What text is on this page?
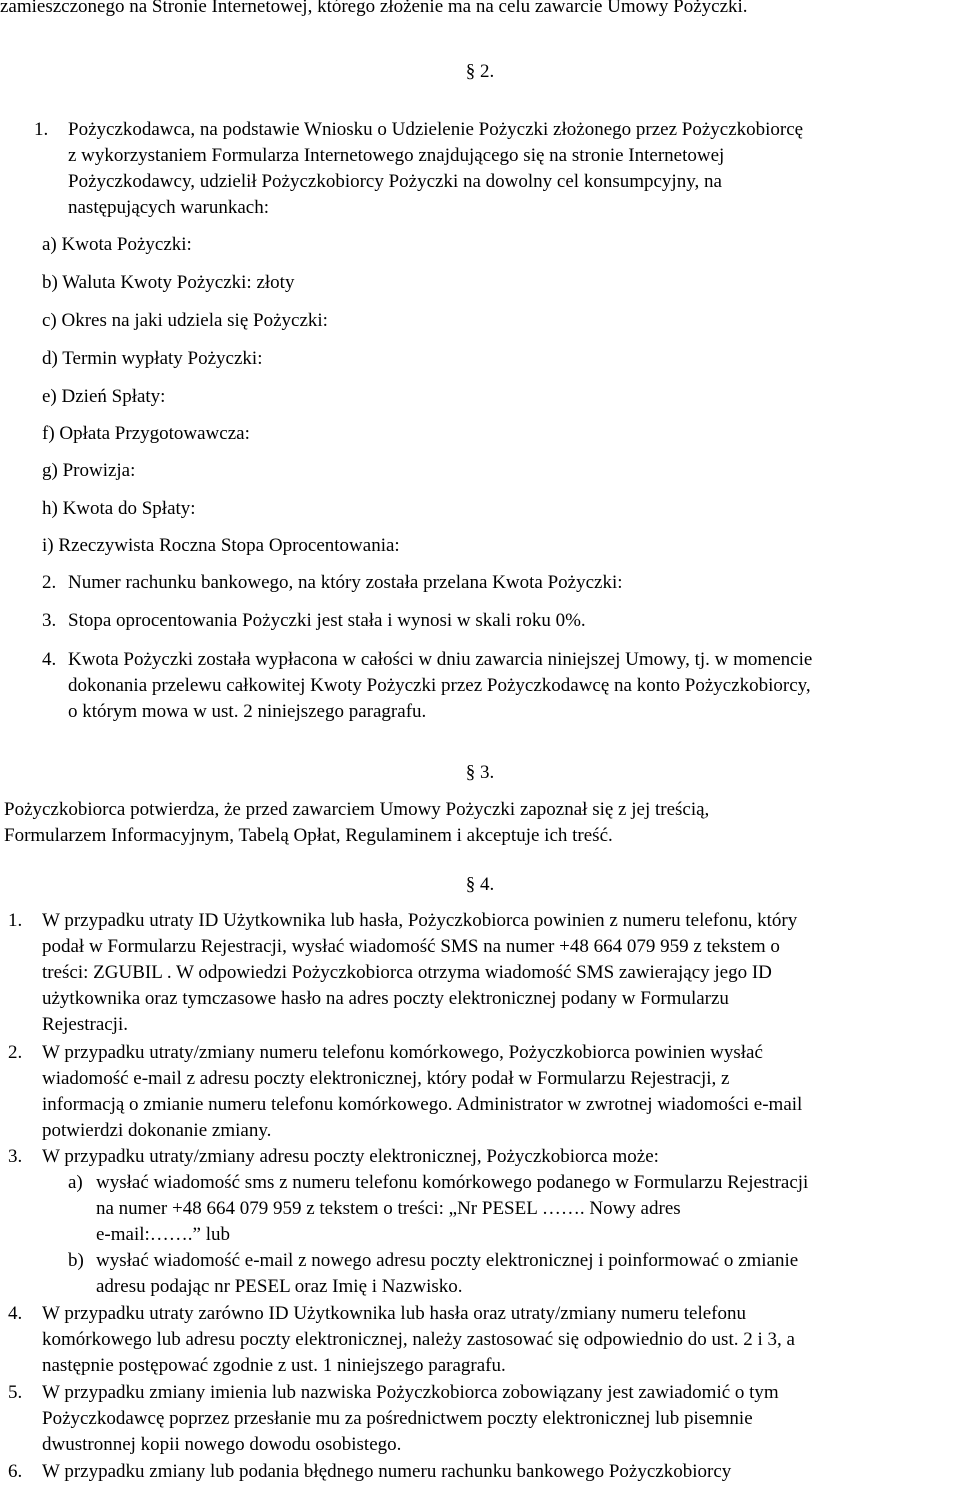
zamieszczonego na Stronie Internetowej, którego złożenie ma na celu zawarcie Umowy Pożyczki.
§ 2.
1. Pożyczkodawca, na podstawie Wniosku o Udzielenie Pożyczki złożonego przez Pożyczkobiorcę
z wykorzystaniem Formularza Internetowego znajdującego się na stronie Internetowej
Pożyczkodawcy, udzielił Pożyczkobiorcy Pożyczki na dowolny cel konsumpcyjny, na
następujących warunkach:
a) Kwota Pożyczki:
b) Waluta Kwoty Pożyczki: złoty
c) Okres na jaki udziela się Pożyczki:
d) Termin wypłaty Pożyczki:
e) Dzień Spłaty:
f) Opłata Przygotowawcza:
g) Prowizja:
h) Kwota do Spłaty:
i) Rzeczywista Roczna Stopa Oprocentowania:
2. Numer rachunku bankowego, na który została przelana Kwota Pożyczki:
3. Stopa oprocentowania Pożyczki jest stała i wynosi w skali roku 0%.
4. Kwota Pożyczki została wypłacona w całości w dniu zawarcia niniejszej Umowy, tj. w momencie
dokonania przelewu całkowitej Kwoty Pożyczki przez Pożyczkodawcę na konto Pożyczkobiorcy,
o którym mowa w ust. 2 niniejszego paragrafu.
§ 3.
Pożyczkobiorca potwierdza, że przed zawarciem Umowy Pożyczki zapoznał się z jej treścią,
Formularzem Informacyjnym, Tabelą Opłat, Regulaminem i akceptuje ich treść.
§ 4.
1. W przypadku utraty ID Użytkownika lub hasła, Pożyczkobiorca powinien z numeru telefonu, który
podał w Formularzu Rejestracji, wysłać wiadomość SMS na numer +48 664 079 959 z tekstem o
treści: ZGUBIL . W odpowiedzi Pożyczkobiorca otrzyma wiadomość SMS zawierający jego ID
użytkownika oraz tymczasowe hasło na adres poczty elektronicznej podany w Formularzu
Rejestracji.
2. W przypadku utraty/zmiany numeru telefonu komórkowego, Pożyczkobiorca powinien wysłać
wiadomość e-mail z adresu poczty elektronicznej, który podał w Formularzu Rejestracji, z
informacją o zmianie numeru telefonu komórkowego. Administrator w zwrotnej wiadomości e-mail
potwierdzi dokonanie zmiany.
3. W przypadku utraty/zmiany adresu poczty elektronicznej, Pożyczkobiorca może:
a) wysłać wiadomość sms z numeru telefonu komórkowego podanego w Formularzu Rejestracji
na numer +48 664 079 959 z tekstem o treści: „Nr PESEL ……. Nowy adres
e-mail:…….” lub
b) wysłać wiadomość e-mail z nowego adresu poczty elektronicznej i poinformować o zmianie
adresu podając nr PESEL oraz Imię i Nazwisko.
4. W przypadku utraty zarówno ID Użytkownika lub hasła oraz utraty/zmiany numeru telefonu
komórkowego lub adresu poczty elektronicznej, należy zastosować się odpowiednio do ust. 2 i 3, a
następnie postępować zgodnie z ust. 1 niniejszego paragrafu.
5. W przypadku zmiany imienia lub nazwiska Pożyczkobiorca zobowiązany jest zawiadomić o tym
Pożyczkodawcę poprzez przesłanie mu za pośrednictwem poczty elektronicznej lub pisemnie
dwustronnej kopii nowego dowodu osobistego.
6. W przypadku zmiany lub podania błędnego numeru rachunku bankowego Pożyczkobiorcy
